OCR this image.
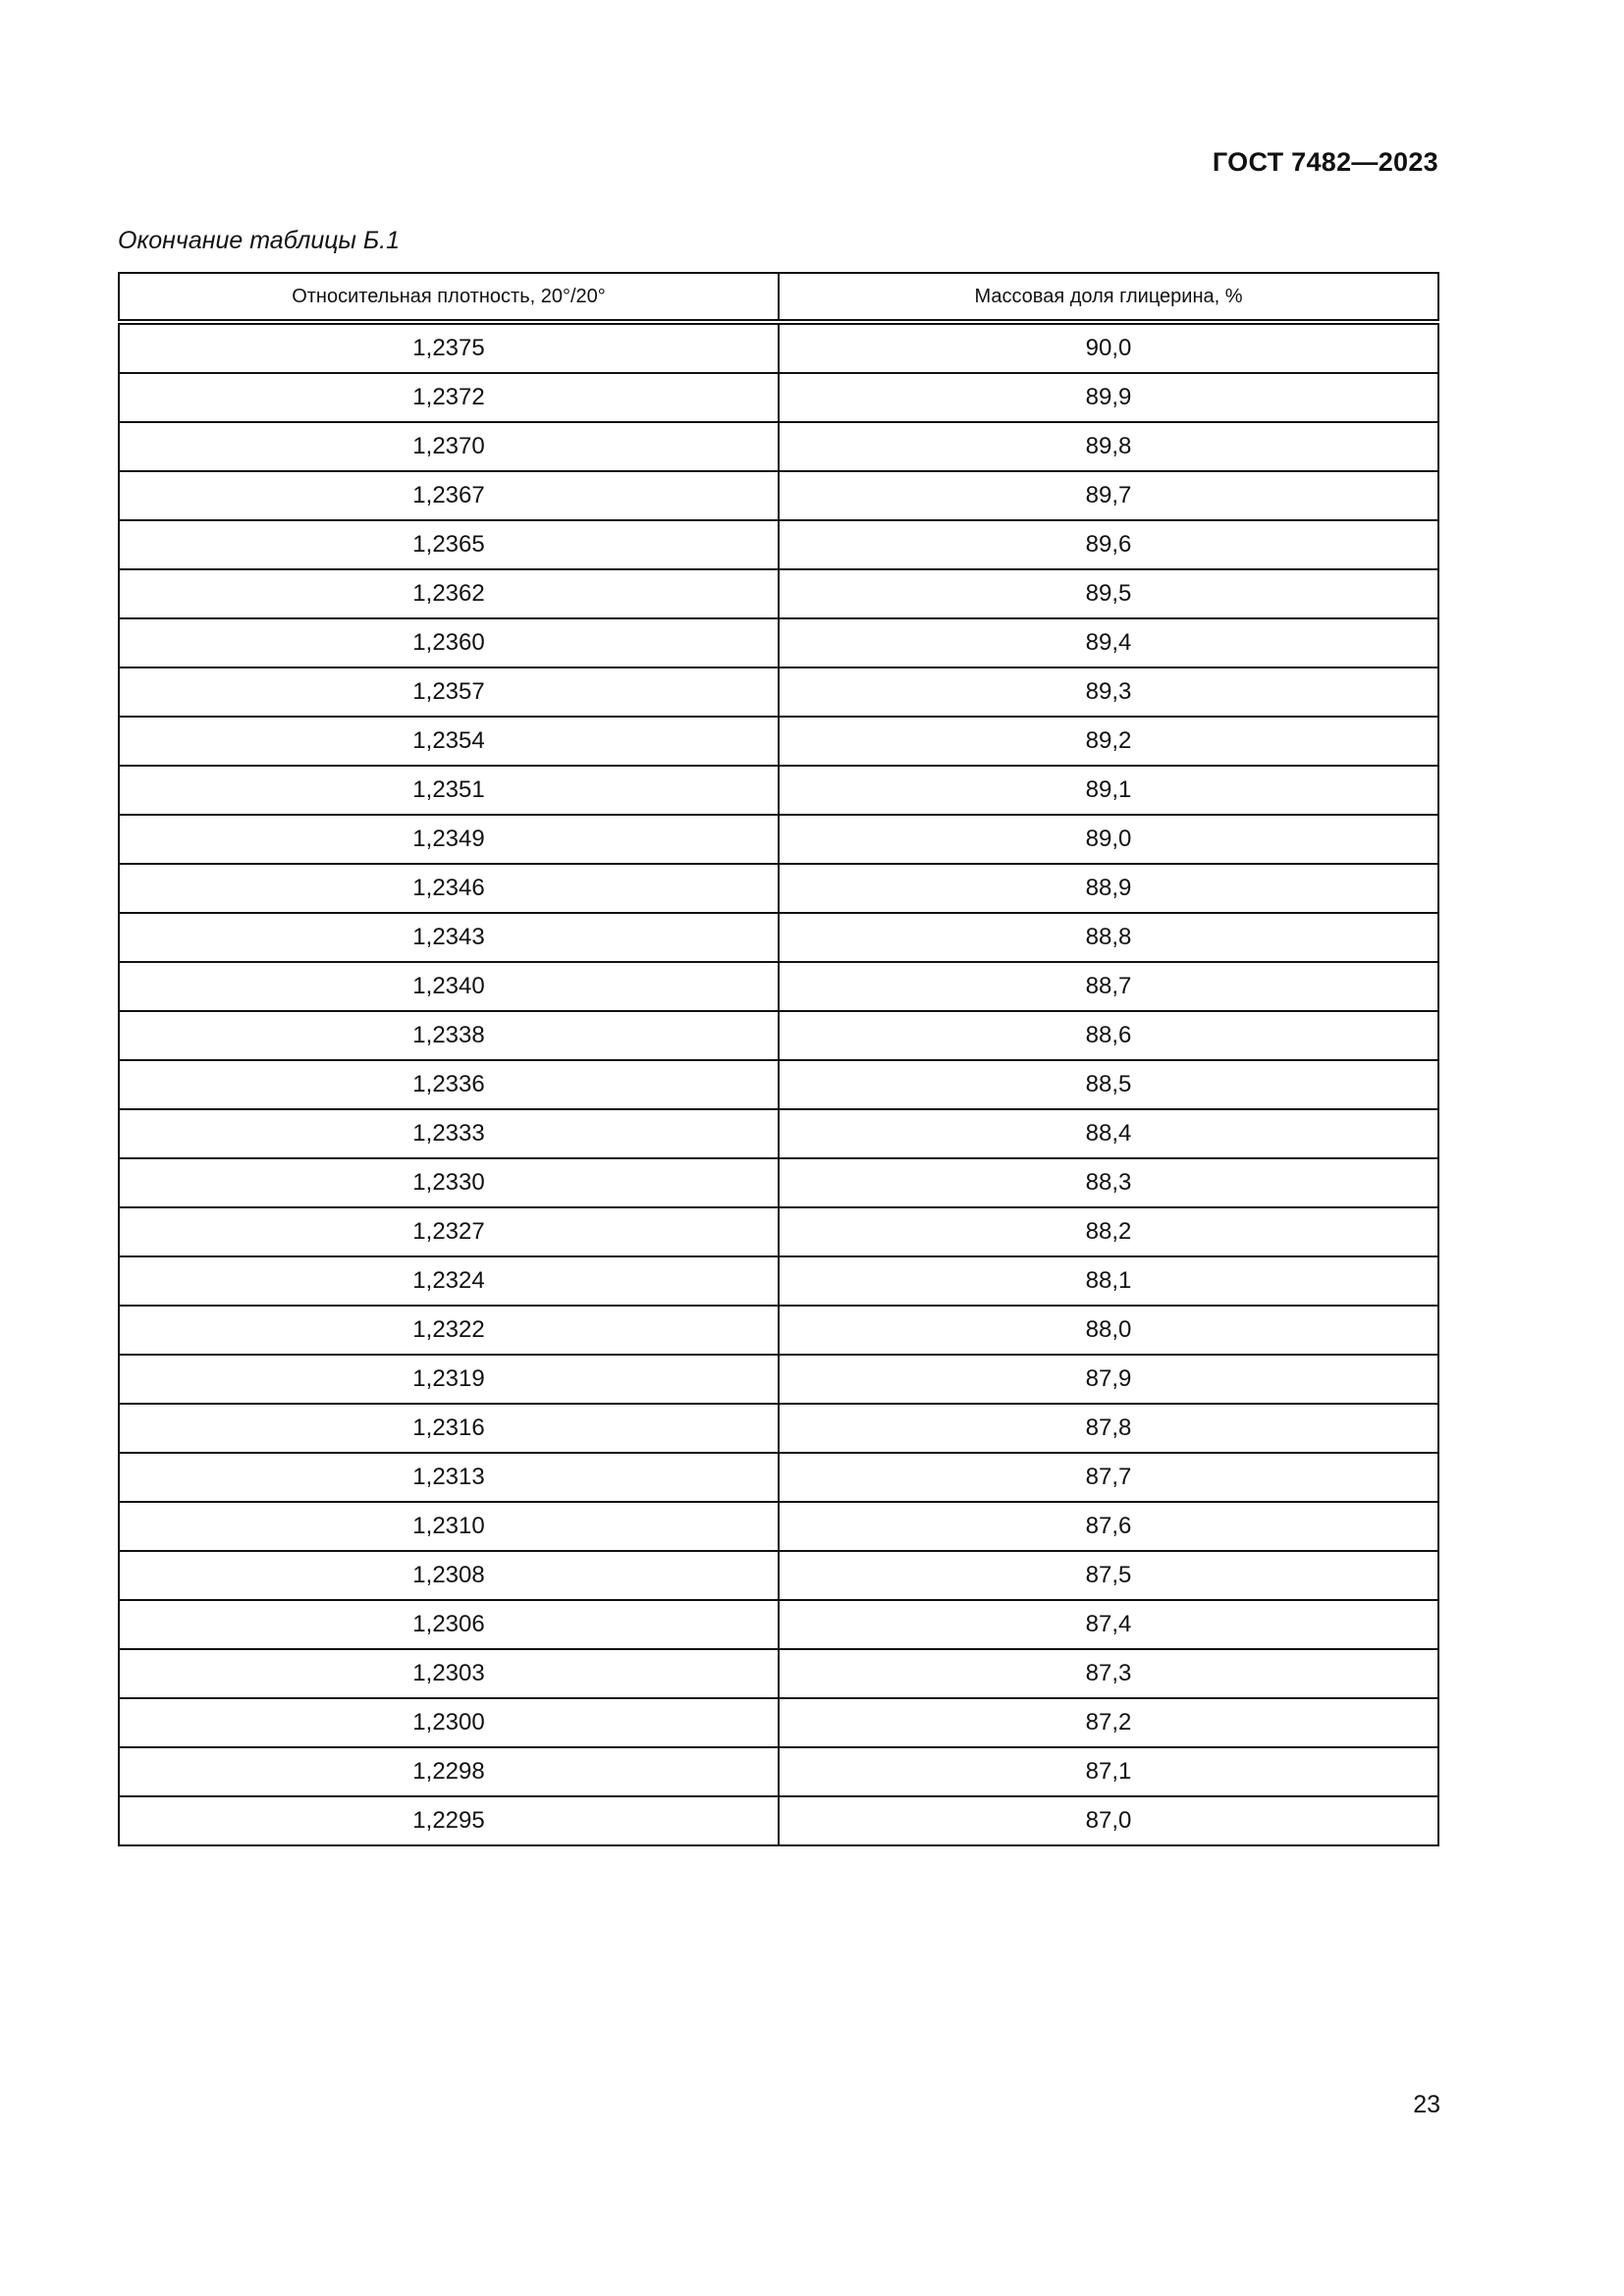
ГОСТ 7482—2023
Окончание таблицы Б.1
Относительная плотность, 20°/20°	Массовая доля глицерина, %
1,2375	90,0
1,2372	89,9
1,2370	89,8
1,2367	89,7
1,2365	89,6
1,2362	89,5
1,2360	89,4
1,2357	89,3
1,2354	89,2
1,2351	89,1
1,2349	89,0
1,2346	88,9
1,2343	88,8
1,2340	88,7
1,2338	88,6
1,2336	88,5
1,2333	88,4
1,2330	88,3
1,2327	88,2
1,2324	88,1
1,2322	88,0
1,2319	87,9
1,2316	87,8
1,2313	87,7
1,2310	87,6
1,2308	87,5
1,2306	87,4
1,2303	87,3
1,2300	87,2
1,2298	87,1
1,2295	87,0
23
